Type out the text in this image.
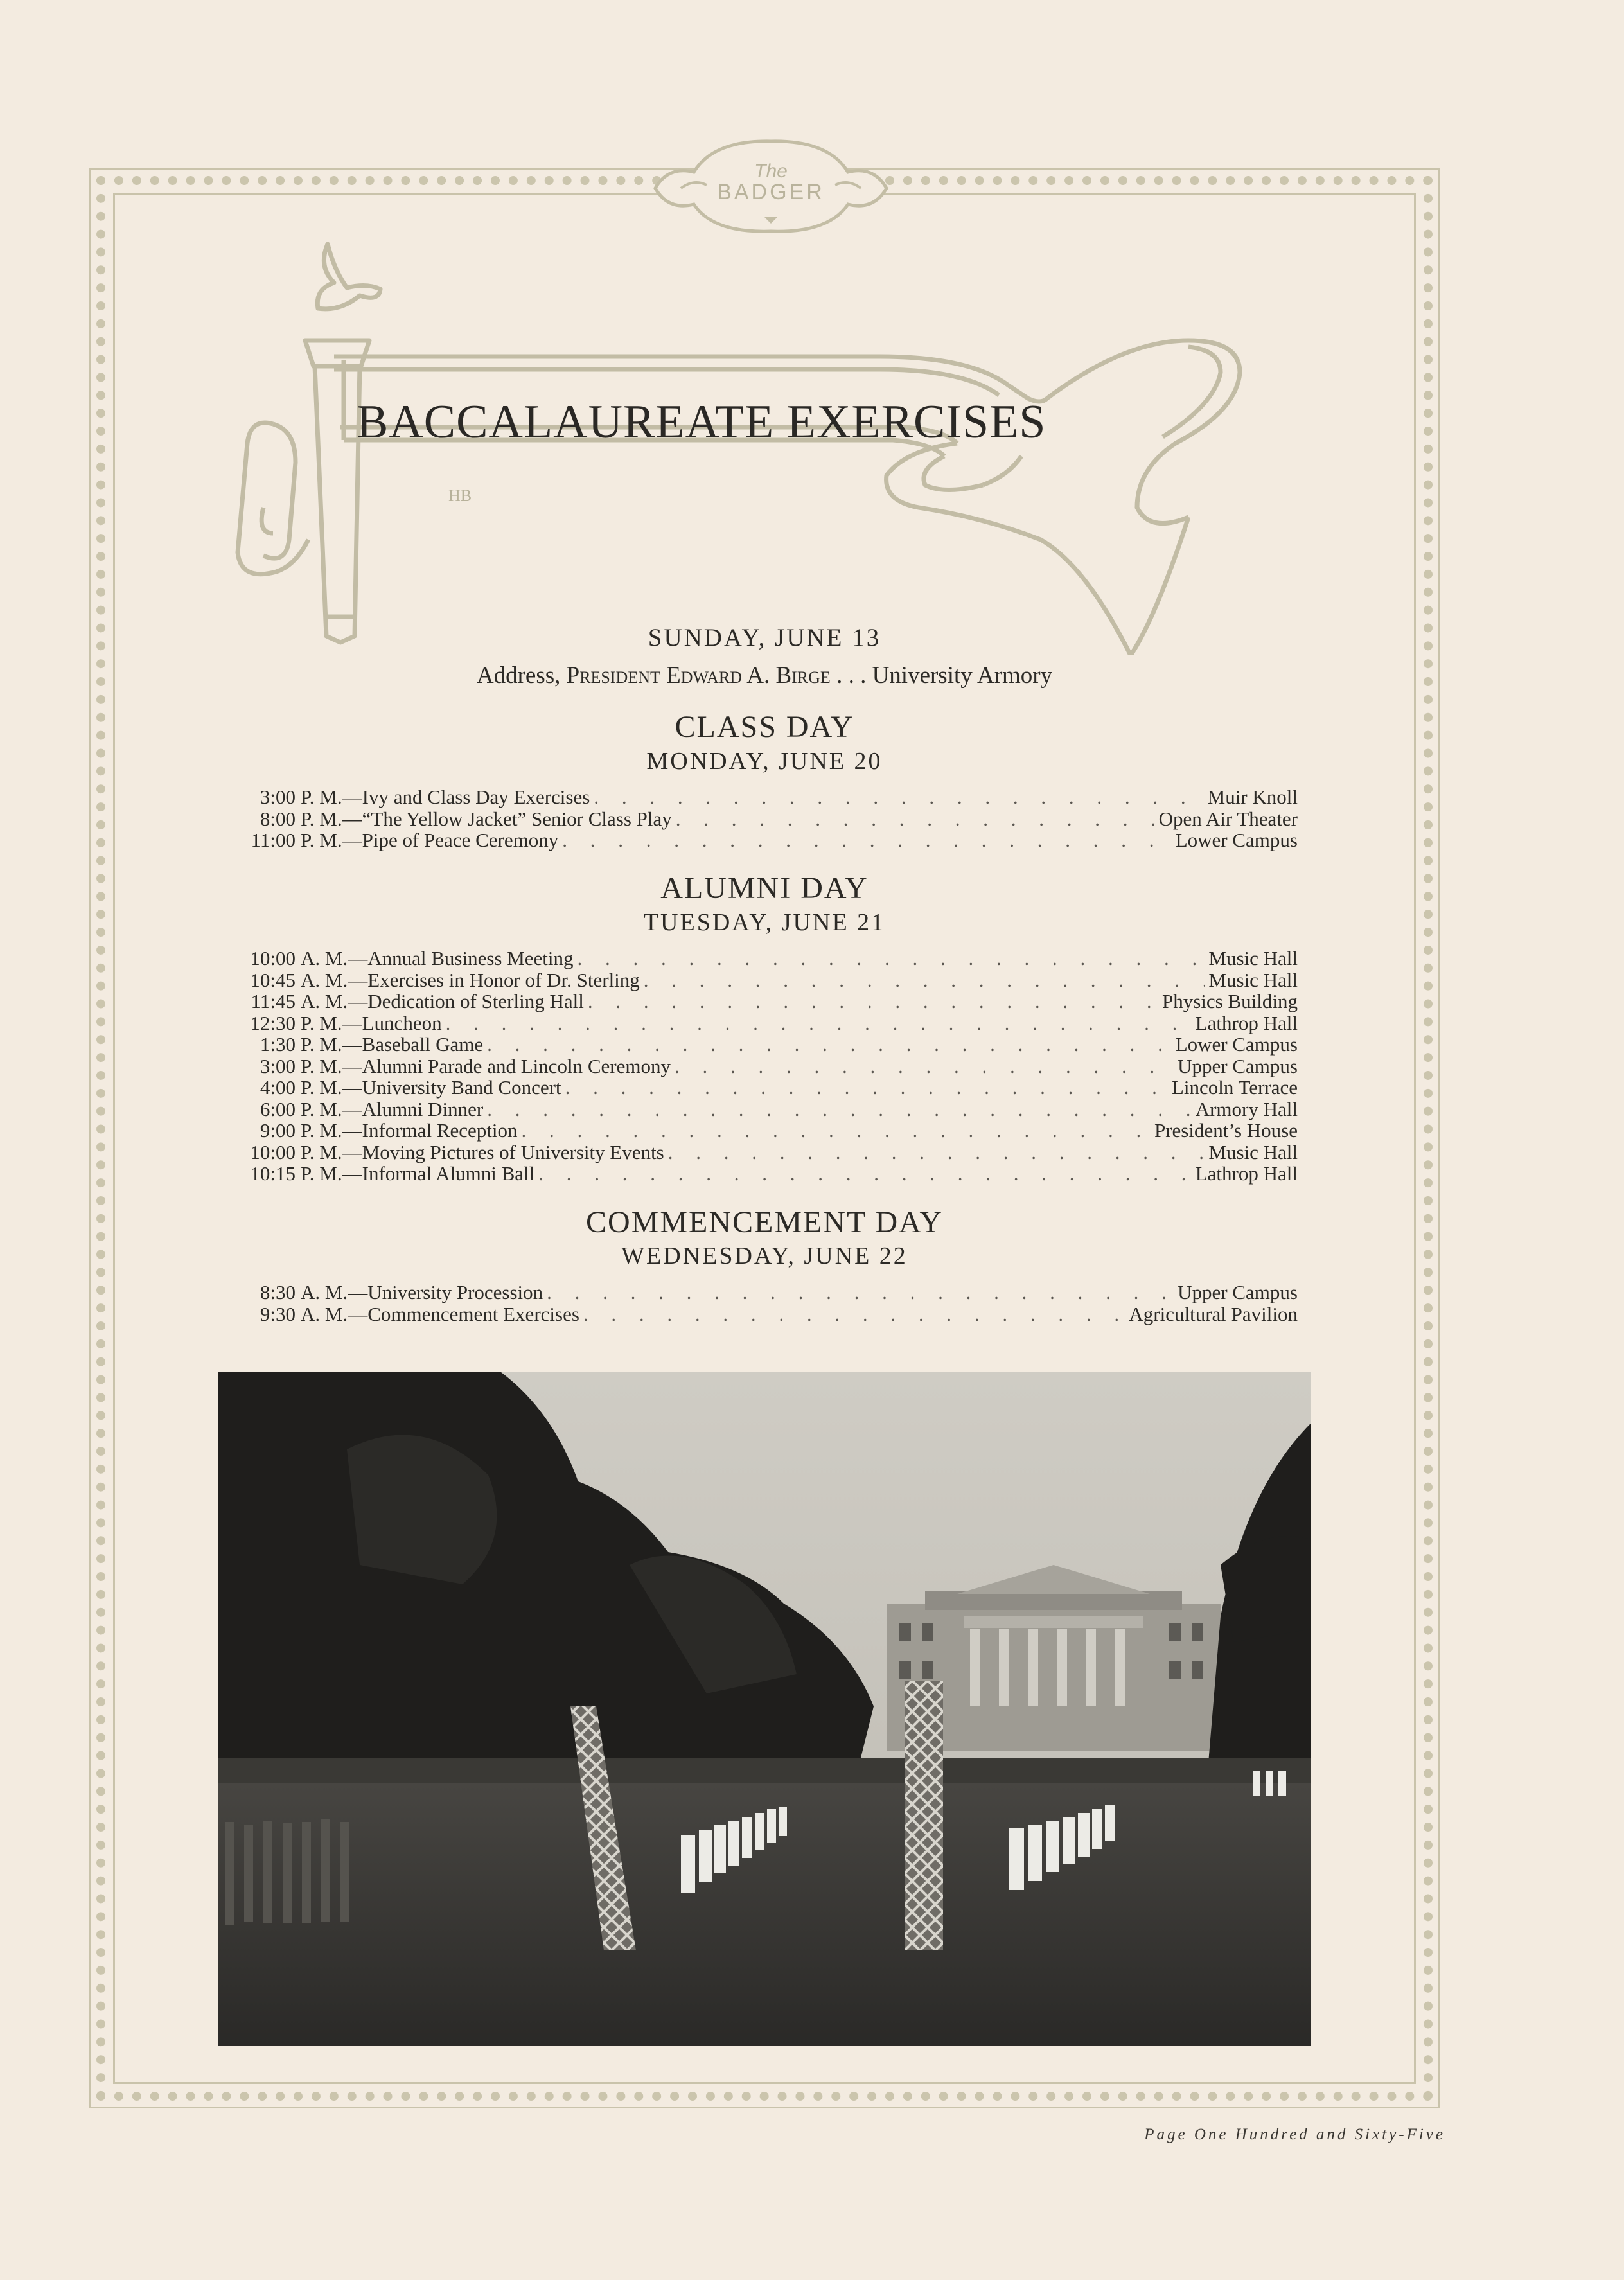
The
BADGER
HB
BACCALAUREATE EXERCISES
SUNDAY, JUNE 13
Address, President Edward A. Birge . . . University Armory
CLASS DAY
MONDAY, JUNE 20
3:00 P. M. —Ivy and Class Day Exercises . . .	Muir Knoll
8:00 P. M. —“The Yellow Jacket” Senior Class Play . . .	Open Air Theater
11:00 P. M. —Pipe of Peace Ceremony . . .	Lower Campus
ALUMNI DAY
TUESDAY, JUNE 21
10:00 A. M. —Annual Business Meeting . . .	Music Hall
10:45 A. M. —Exercises in Honor of Dr. Sterling . . .	Music Hall
11:45 A. M. —Dedication of Sterling Hall . . .	Physics Building
12:30 P. M. —Luncheon . . .	Lathrop Hall
1:30 P. M. —Baseball Game . . .	Lower Campus
3:00 P. M. —Alumni Parade and Lincoln Ceremony . . .	Upper Campus
4:00 P. M. —University Band Concert . . .	Lincoln Terrace
6:00 P. M. —Alumni Dinner . . .	Armory Hall
9:00 P. M. —Informal Reception . . .	President’s House
10:00 P. M. —Moving Pictures of University Events . . .	Music Hall
10:15 P. M. —Informal Alumni Ball . . .	Lathrop Hall
COMMENCEMENT DAY
WEDNESDAY, JUNE 22
8:30 A. M. —University Procession . . .	Upper Campus
9:30 A. M. —Commencement Exercises . . .	Agricultural Pavilion
Page One Hundred and Sixty-Five
